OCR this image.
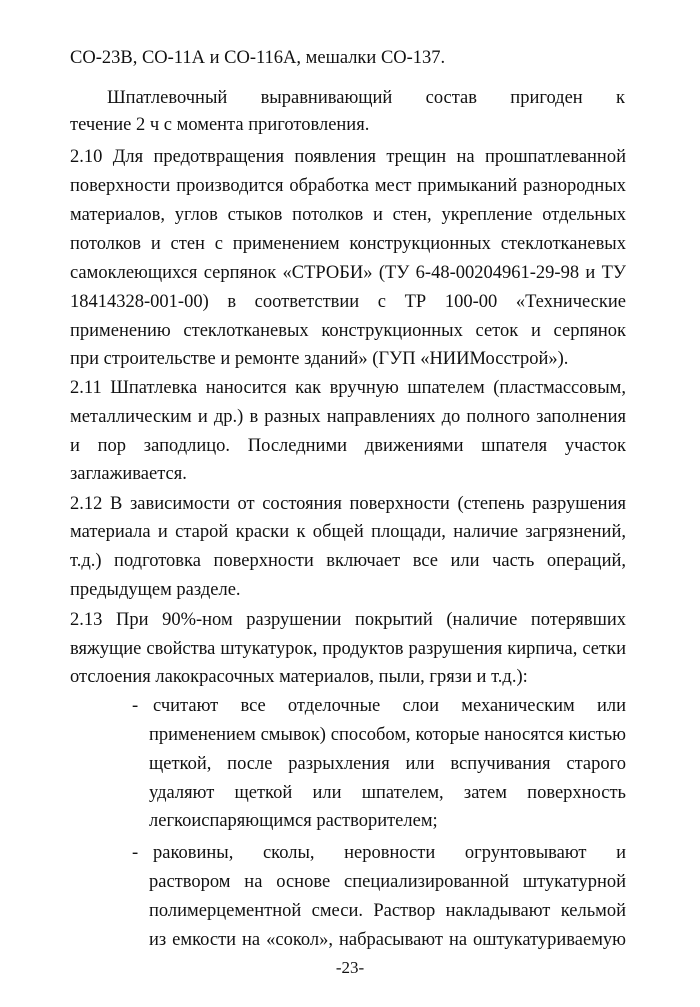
СО-23В, СО-11А и СО-116А, мешалки СО-137.
Шпатлевочный выравнивающий состав пригоден к
течение 2 ч с момента приготовления.
2.10 Для предотвращения появления трещин на прошпатлеванной
поверхности производится обработка мест примыканий разнородных
материалов, углов стыков потолков и стен, укрепление отдельных
потолков и стен с применением конструкционных стеклотканевых
самоклеющихся серпянок «СТРОБИ» (ТУ 6-48-00204961-29-98 и ТУ
18414328-001-00) в соответствии с ТР 100-00 «Технические
применению стеклотканевых конструкционных сеток и серпянок
при строительстве и ремонте зданий» (ГУП «НИИМосстрой»).
2.11 Шпатлевка наносится как вручную шпателем (пластмассовым,
металлическим и др.) в разных направлениях до полного заполнения
и пор заподлицо. Последними движениями шпателя участок
заглаживается.
2.12 В зависимости от состояния поверхности (степень разрушения
материала и старой краски к общей площади, наличие загрязнений,
т.д.) подготовка поверхности включает все или часть операций,
предыдущем разделе.
2.13 При 90%-ном разрушении покрытий (наличие потерявших
вяжущие свойства штукатурок, продуктов разрушения кирпича, сетки
отслоения лакокрасочных материалов, пыли, грязи и т.д.):
- считают все отделочные слои механическим или
применением смывок) способом, которые наносятся кистью
щеткой, после разрыхления или вспучивания старого
удаляют щеткой или шпателем, затем поверхность
легкоиспаряющимся растворителем;
- раковины, сколы, неровности огрунтовывают и
раствором на основе специализированной штукатурной
полимерцементной смеси. Раствор накладывают кельмой
из емкости на «сокол», набрасывают на оштукатуриваемую
-23-
